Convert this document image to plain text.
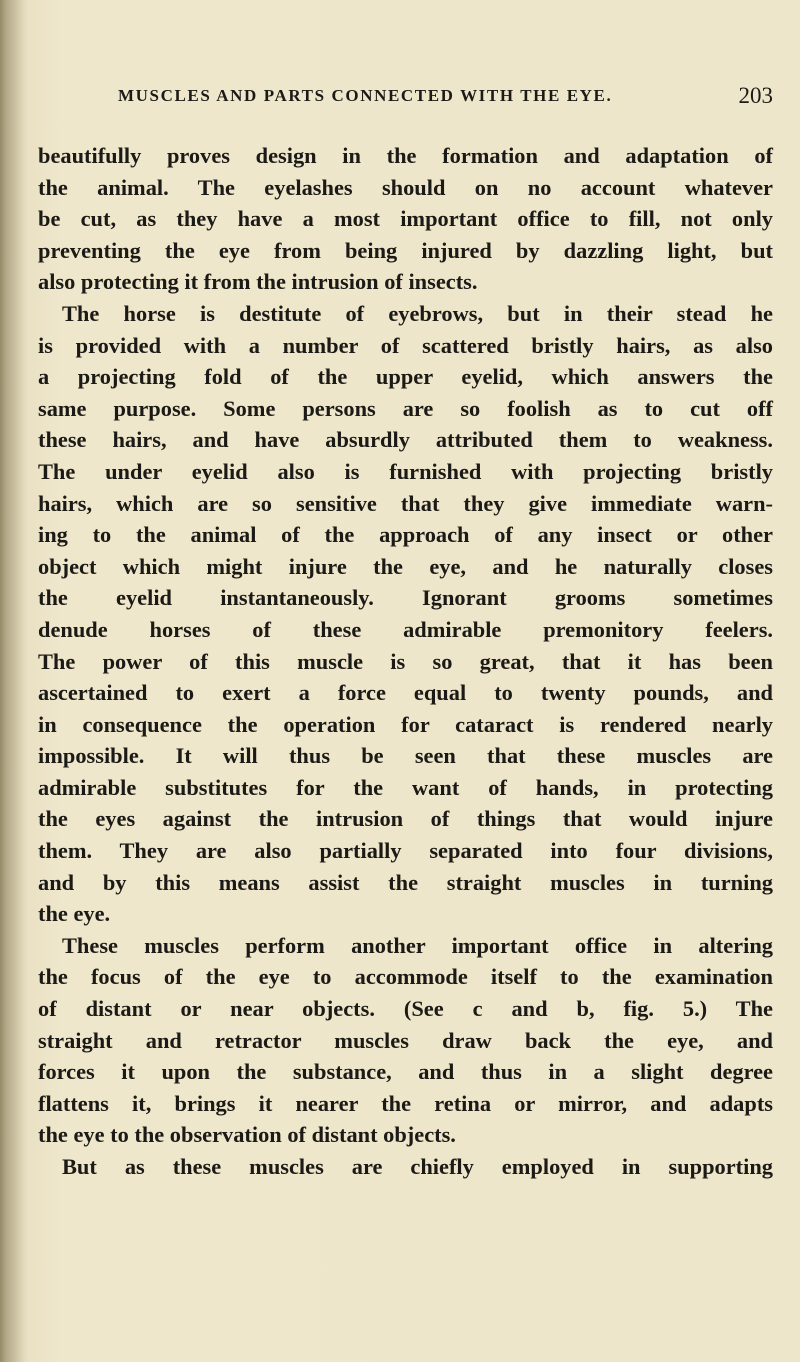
MUSCLES AND PARTS CONNECTED WITH THE EYE.	203
beautifully proves design in the formation and adaptation of
the animal. The eyelashes should on no account whatever
be cut, as they have a most important office to fill, not only
preventing the eye from being injured by dazzling light, but
also protecting it from the intrusion of insects.
The horse is destitute of eyebrows, but in their stead he
is provided with a number of scattered bristly hairs, as also
a projecting fold of the upper eyelid, which answers the
same purpose. Some persons are so foolish as to cut off
these hairs, and have absurdly attributed them to weakness.
The under eyelid also is furnished with projecting bristly
hairs, which are so sensitive that they give immediate warn-
ing to the animal of the approach of any insect or other
object which might injure the eye, and he naturally closes
the eyelid instantaneously. Ignorant grooms sometimes
denude horses of these admirable premonitory feelers.
The power of this muscle is so great, that it has been
ascertained to exert a force equal to twenty pounds, and
in consequence the operation for cataract is rendered nearly
impossible. It will thus be seen that these muscles are
admirable substitutes for the want of hands, in protecting
the eyes against the intrusion of things that would injure
them. They are also partially separated into four divisions,
and by this means assist the straight muscles in turning
the eye.
These muscles perform another important office in altering
the focus of the eye to accommode itself to the examination
of distant or near objects. (See c and b, fig. 5.) The
straight and retractor muscles draw back the eye, and
forces it upon the substance, and thus in a slight degree
flattens it, brings it nearer the retina or mirror, and adapts
the eye to the observation of distant objects.
But as these muscles are chiefly employed in supporting
